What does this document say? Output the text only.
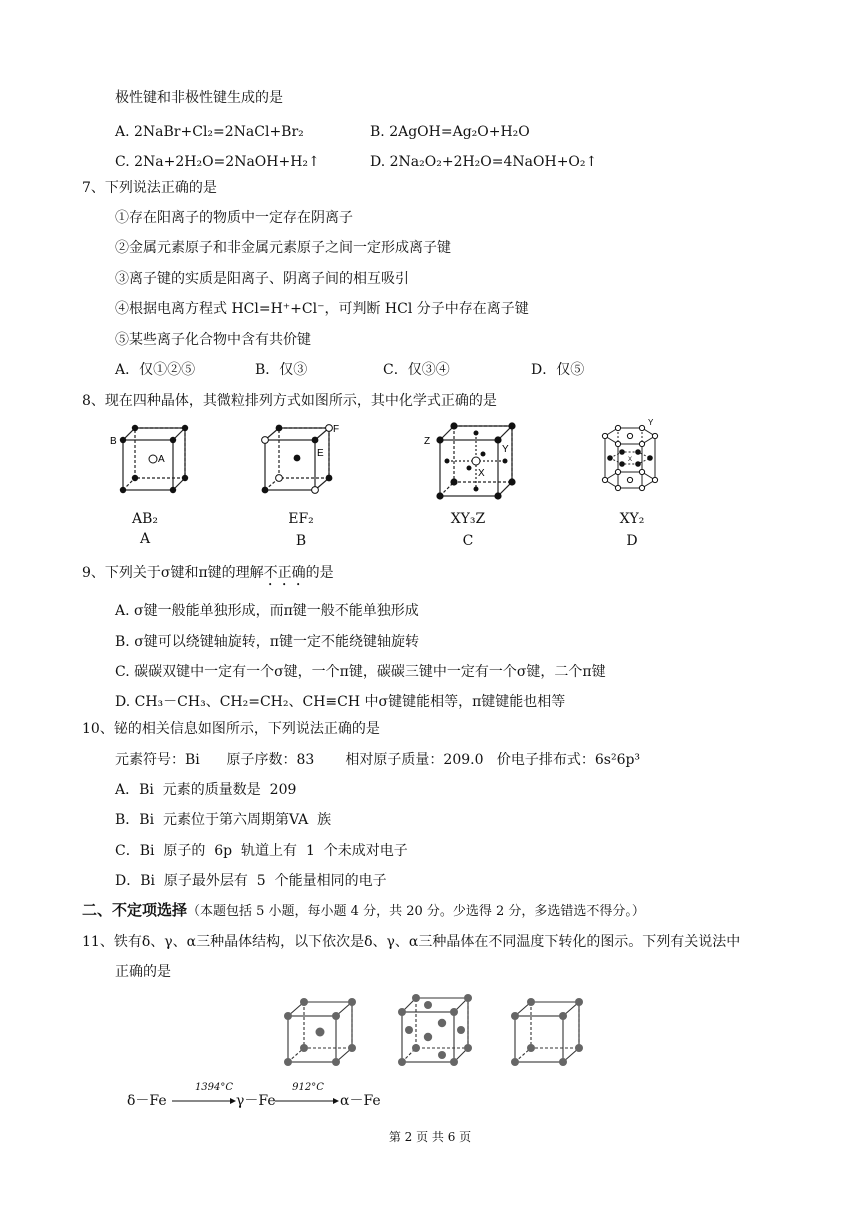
极性键和非极性键生成的是
A. 2NaBr+Cl₂=2NaCl+Br₂	B. 2AgOH=Ag₂O+H₂O
C. 2Na+2H₂O=2NaOH+H₂↑	D. 2Na₂O₂+2H₂O=4NaOH+O₂↑
7、下列说法正确的是
①存在阳离子的物质中一定存在阴离子
②金属元素原子和非金属元素原子之间一定形成离子键
③离子键的实质是阳离子、阴离子间的相互吸引
④根据电离方程式 HCl=H⁺+Cl⁻，可判断 HCl 分子中存在离子键
⑤某些离子化合物中含有共价键
A．仅①②⑤	B．仅③	C．仅③④	D．仅⑤
8、现在四种晶体，其微粒排列方式如图所示，其中化学式正确的是
B
A
AB₂
A
F
E
EF₂
B
Z
Y
X
XY₃Z
C
Y
X
XY₂
D
9、下列关于σ键和π键的理解不正确的是
A. σ键一般能单独形成，而π键一般不能单独形成
B. σ键可以绕键轴旋转，π键一定不能绕键轴旋转
C. 碳碳双键中一定有一个σ键，一个π键，碳碳三键中一定有一个σ键，二个π键
D. CH₃－CH₃、CH₂=CH₂、CH≡CH 中σ键键能相等，π键键能也相等
10、铋的相关信息如图所示，下列说法正确的是
元素符号：Bi      原子序数：83       相对原子质量：209.0   价电子排布式：6s²6p³
A．Bi  元素的质量数是  209
B．Bi  元素位于第六周期第VA  族
C．Bi  原子的  6p  轨道上有  1  个未成对电子
D．Bi  原子最外层有  5  个能量相同的电子
二、不定项选择（本题包括 5 小题，每小题 4 分，共 20 分。少选得 2 分，多选错选不得分。）
11、铁有δ、γ、α三种晶体结构，以下依次是δ、γ、α三种晶体在不同温度下转化的图示。下列有关说法中
正确的是
δ－Fe
1394°C
γ－Fe
912°C
α－Fe
第 2 页 共 6 页
